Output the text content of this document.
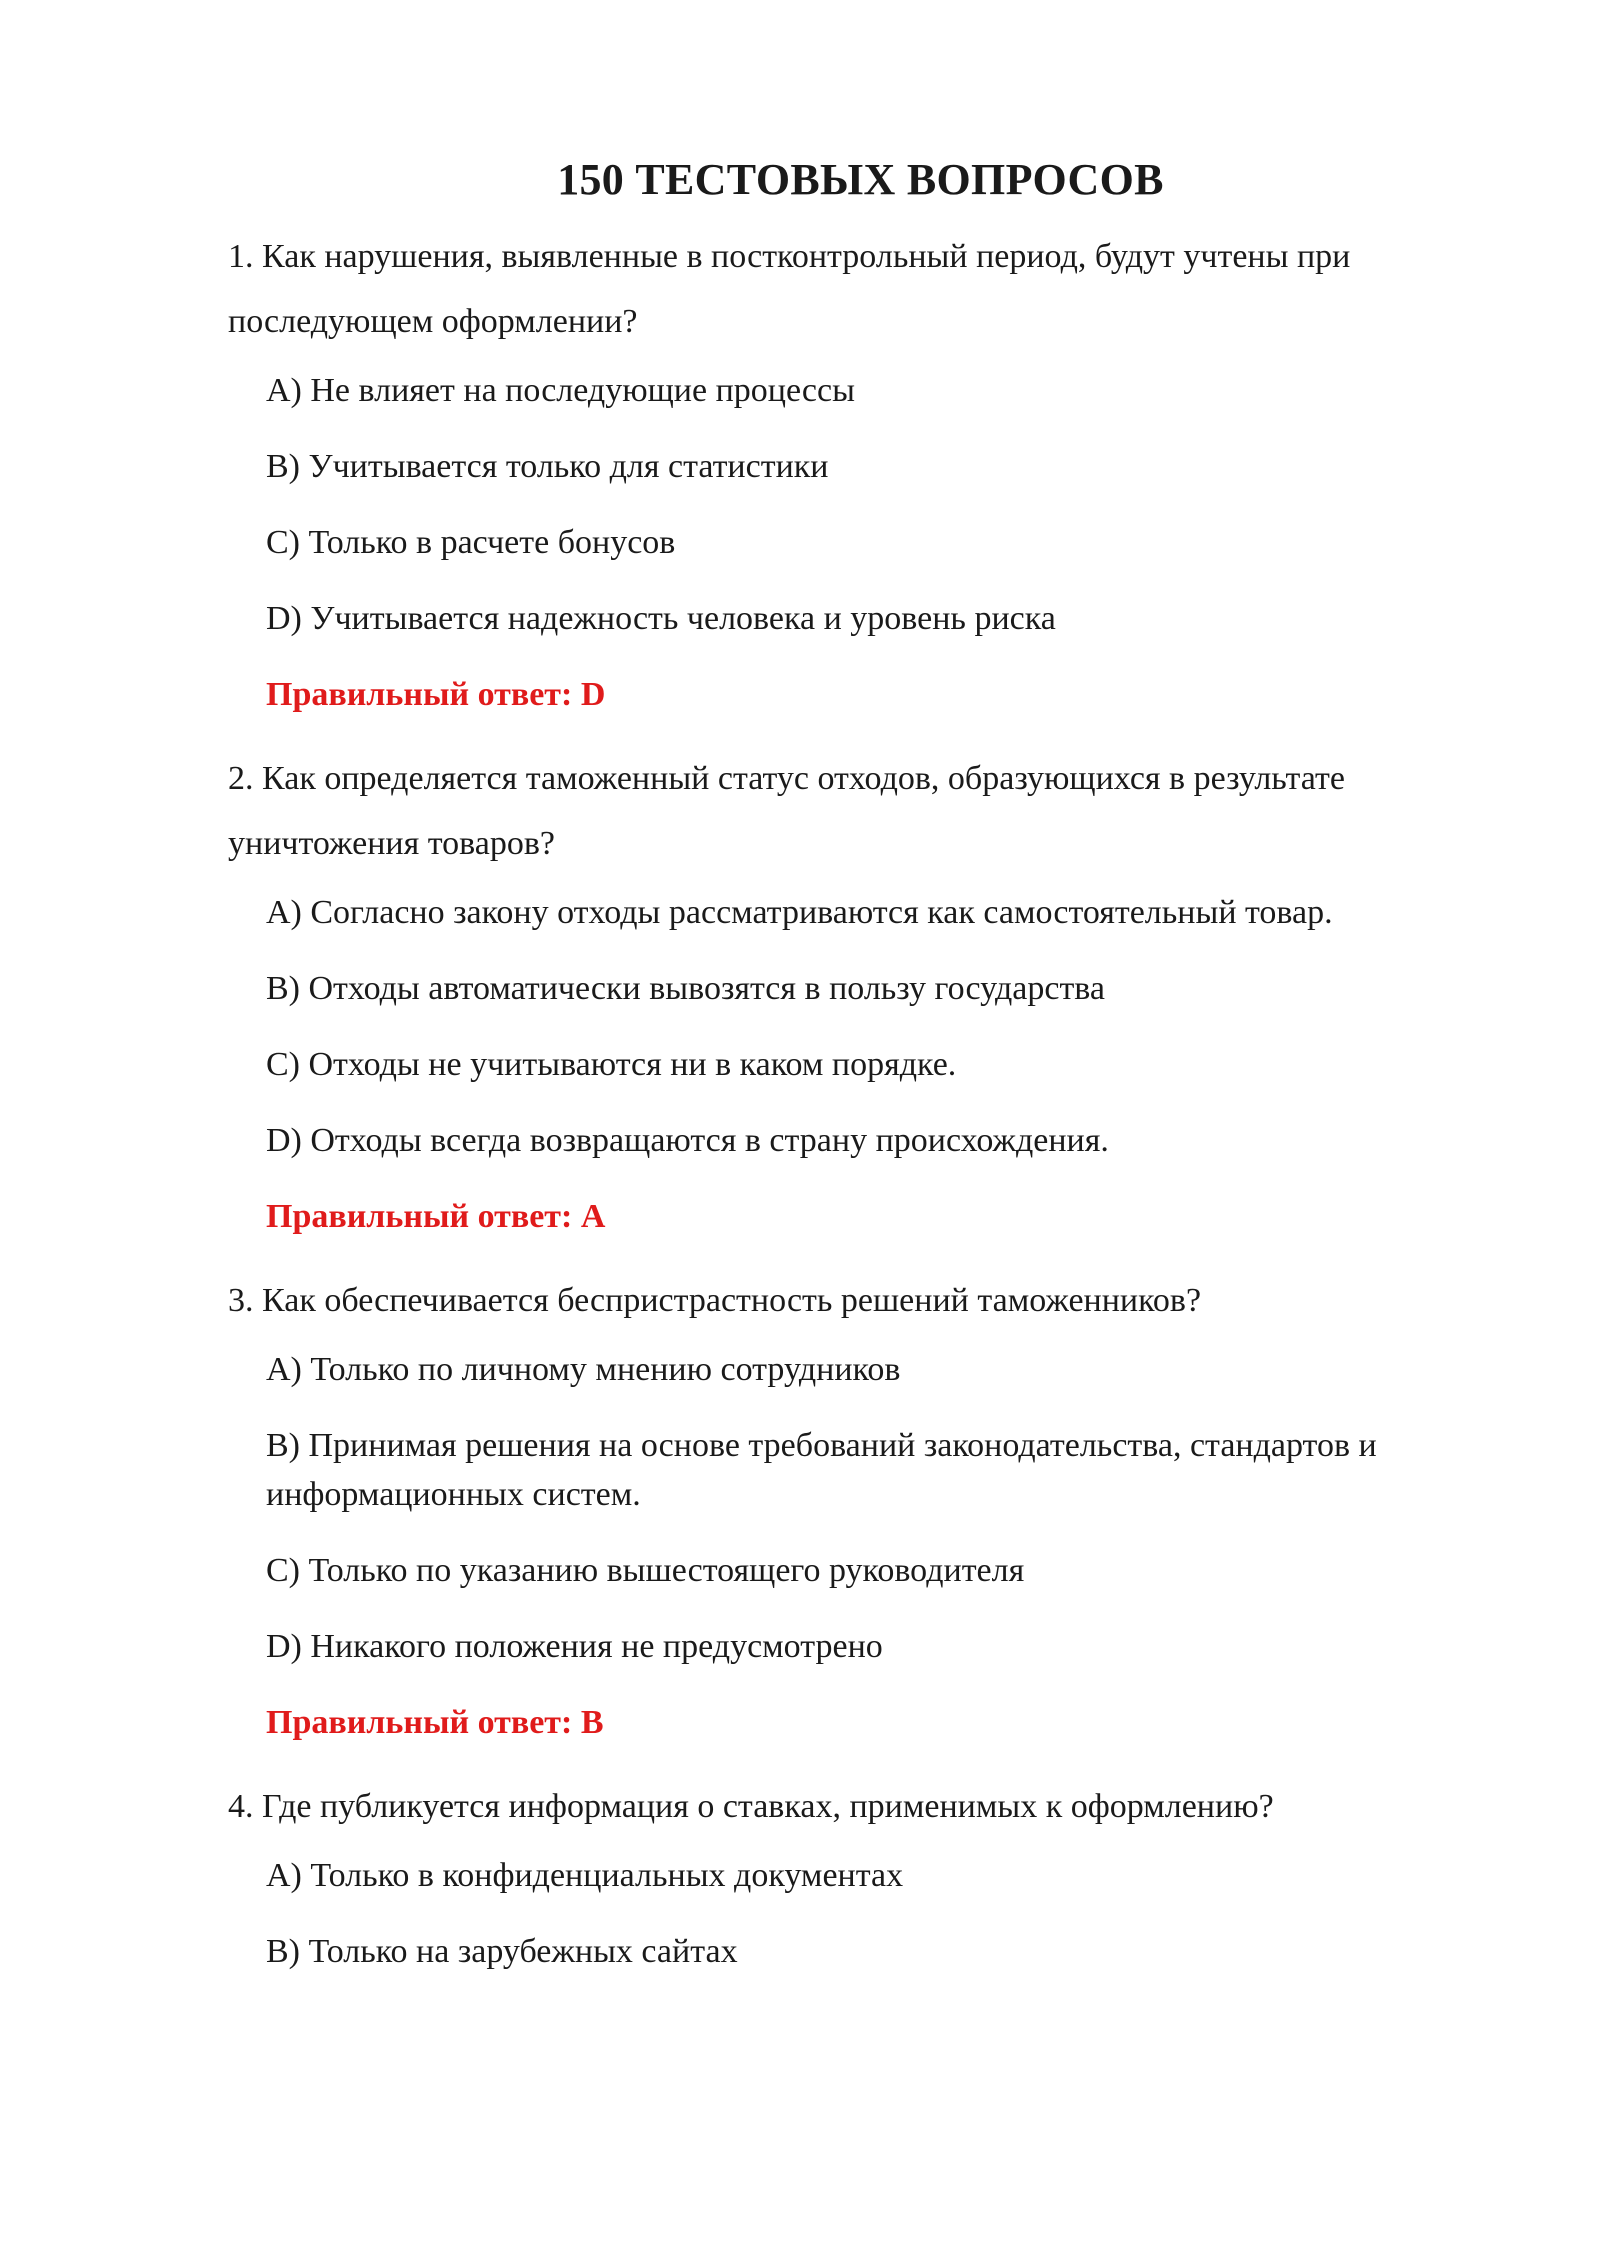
150 ТЕСТОВЫХ ВОПРОСОВ

1. Как нарушения, выявленные в постконтрольный период, будут учтены при последующем оформлении?

A) Не влияет на последующие процессы
B) Учитывается только для статистики
C) Только в расчете бонусов
D) Учитывается надежность человека и уровень риска

Правильный ответ: D

2. Как определяется таможенный статус отходов, образующихся в результате уничтожения товаров?

A) Согласно закону отходы рассматриваются как самостоятельный товар.
B) Отходы автоматически вывозятся в пользу государства
C) Отходы не учитываются ни в каком порядке.
D) Отходы всегда возвращаются в страну происхождения.

Правильный ответ: A

3. Как обеспечивается беспристрастность решений таможенников?

A) Только по личному мнению сотрудников
B) Принимая решения на основе требований законодательства, стандартов и информационных систем.
C) Только по указанию вышестоящего руководителя
D) Никакого положения не предусмотрено

Правильный ответ: B

4. Где публикуется информация о ставках, применимых к оформлению?

A) Только в конфиденциальных документах
B) Только на зарубежных сайтах
